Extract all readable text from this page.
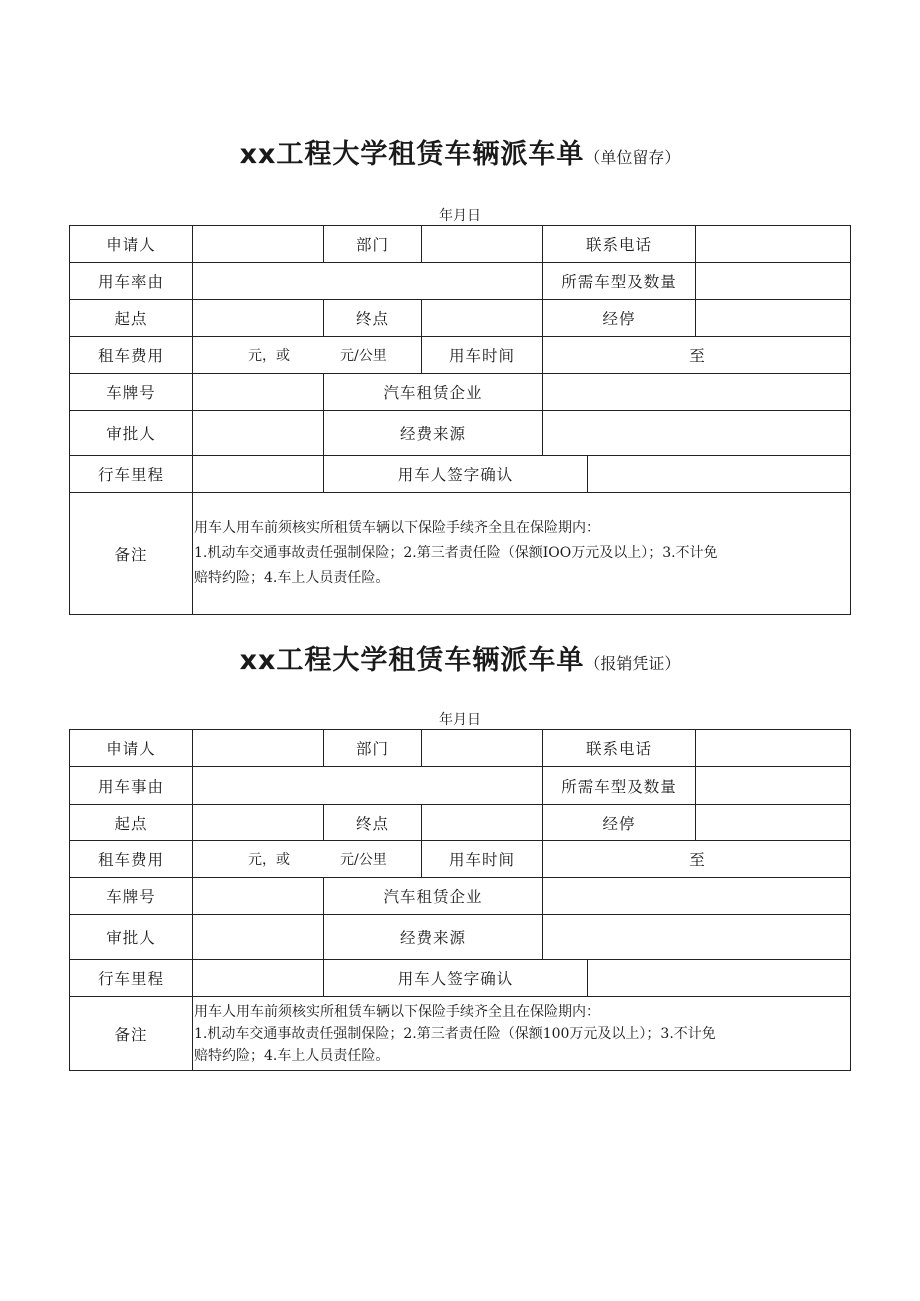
xx工程大学租赁车辆派车单（单位留存）
年月日
申请人	部门	联系电话
用车率由	所需车型及数量
起点	终点	经停
租车费用	元，或	元/公里	用车时间	至
车牌号	汽车租赁企业
审批人	经费来源
行车里程	用车人签字确认
备注
用车人用车前须核实所租赁车辆以下保险手续齐全且在保险期内：
1.机动车交通事故责任强制保险；2.第三者责任险（保额IOO万元及以上）；3.不计免
赔特约险；4.车上人员责任险。
xx工程大学租赁车辆派车单（报销凭证）
年月日
申请人	部门	联系电话
用车事由	所需车型及数量
起点	终点	经停
租车费用	元，或	元/公里	用车时间	至
车牌号	汽车租赁企业
审批人	经费来源
行车里程	用车人签字确认
备注
用车人用车前须核实所租赁车辆以下保险手续齐全且在保险期内：
1.机动车交通事故责任强制保险；2.第三者责任险（保额100万元及以上）；3.不计免
赔特约险；4.车上人员责任险。
